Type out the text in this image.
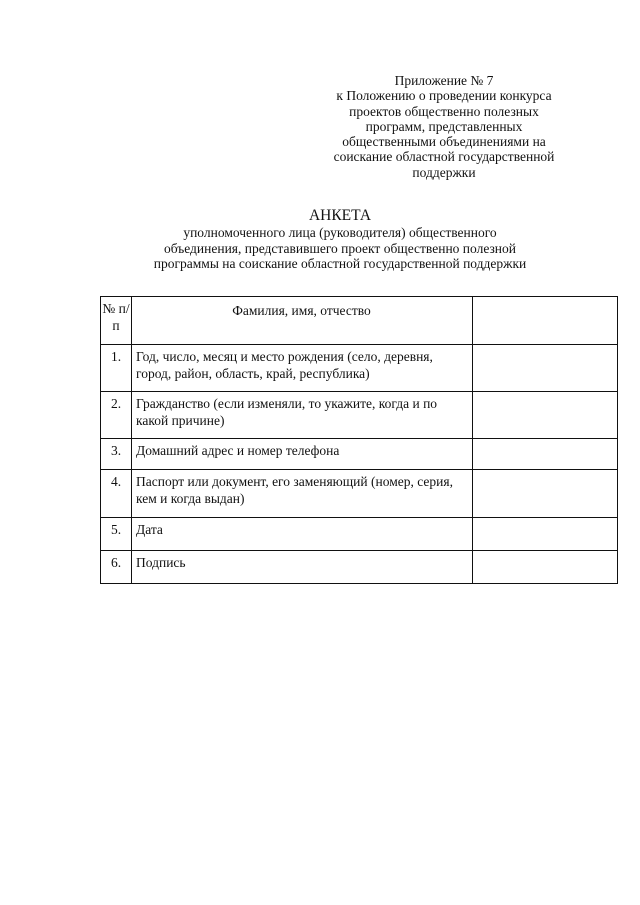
Приложение № 7
к Положению о проведении конкурса
проектов общественно полезных
программ, представленных
общественными объединениями на
соискание областной государственной
поддержки
АНКЕТА
уполномоченного лица (руководителя) общественного
объединения, представившего проект общественно полезной
программы на соискание областной государственной поддержки
№ п/п	Фамилия, имя, отчество	
1.	Год, число, месяц и место рождения (село, деревня, город, район, область, край, республика)	
2.	Гражданство (если изменяли, то укажите, когда и по какой причине)	
3.	Домашний адрес и номер телефона	
4.	Паспорт или документ, его заменяющий (номер, серия, кем и когда выдан)	
5.	Дата	
6.	Подпись	
